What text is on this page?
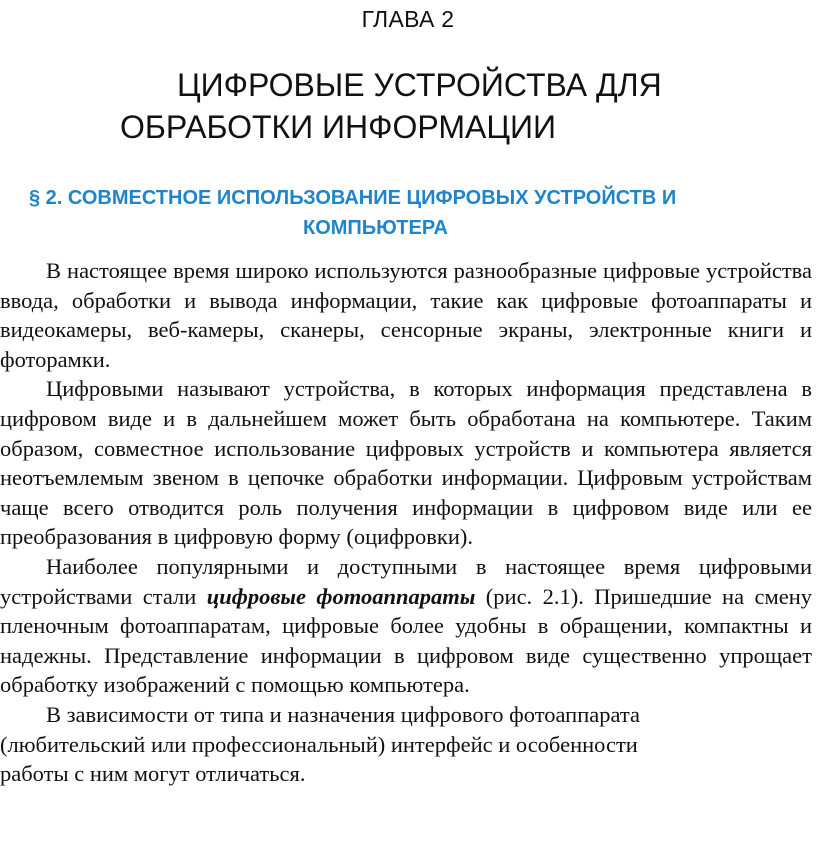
ГЛАВА 2
ЦИФРОВЫЕ УСТРОЙСТВА ДЛЯ
ОБРАБОТКИ ИНФОРМАЦИИ
§ 2. СОВМЕСТНОЕ ИСПОЛЬЗОВАНИЕ ЦИФРОВЫХ УСТРОЙСТВ И
КОМПЬЮТЕРА

В настоящее время широко используются разнообразные цифровые устройства ввода, обработки и вывода информации, такие как цифровые фотоаппараты и видеокамеры, веб-камеры, сканеры, сенсорные экраны, электронные книги и фоторамки.

Цифровыми называют устройства, в которых информация представлена в цифровом виде и в дальнейшем может быть обработана на компьютере. Таким образом, совместное использование цифровых устройств и компьютера является неотъемлемым звеном в цепочке обработки информации. Цифровым устройствам чаще всего отводится роль получения информации в цифровом виде или ее преобразования в цифровую форму (оцифровки).

Наиболее популярными и доступными в настоящее время цифровыми устройствами стали цифровые фотоаппараты (рис. 2.1). Пришедшие на смену пленочным фотоаппаратам, цифровые более удобны в обращении, компактны и надежны. Представление информации в цифровом виде существенно упрощает обработку изображений с помощью компьютера.

В зависимости от типа и назначения цифрового фотоаппарата
(любительский или профессиональный) интерфейс и особенности
работы с ним могут отличаться.
